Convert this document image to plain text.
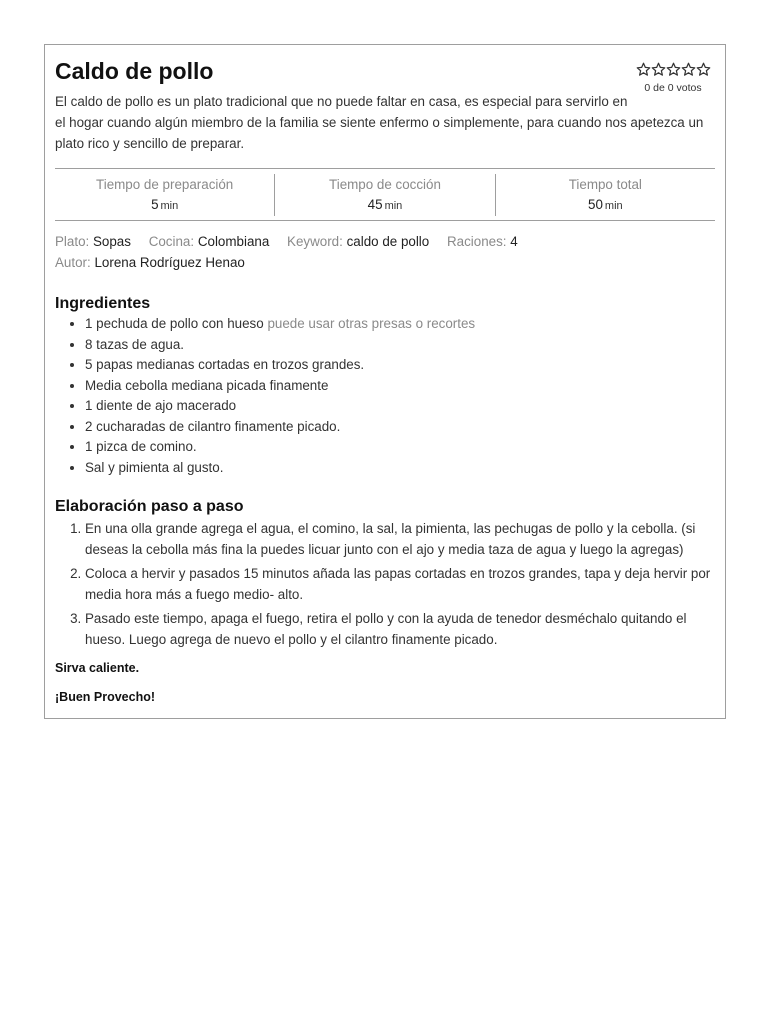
0 de 0 votos
Caldo de pollo

El caldo de pollo es un plato tradicional que no puede faltar en casa, es especial para servirlo en el hogar cuando algún miembro de la familia se siente enfermo o simplemente, para cuando nos apetezca un plato rico y sencillo de preparar.

Tiempo de preparación
5 min
Tiempo de cocción
45 min
Tiempo total
50 min
Plato: Sopas Cocina: Colombiana Keyword: caldo de pollo Raciones: 4
Autor: Lorena Rodríguez Henao
Ingredientes
• 1 pechuda de pollo con hueso puede usar otras presas o recortes
• 8 tazas de agua.
• 5 papas medianas cortadas en trozos grandes.
• Media cebolla mediana picada finamente
• 1 diente de ajo macerado
• 2 cucharadas de cilantro finamente picado.
• 1 pizca de comino.
• Sal y pimienta al gusto.
Elaboración paso a paso
1. En una olla grande agrega el agua, el comino, la sal, la pimienta, las pechugas de pollo y la cebolla. (si deseas la cebolla más fina la puedes licuar junto con el ajo y media taza de agua y luego la agregas)
2. Coloca a hervir y pasados 15 minutos añada las papas cortadas en trozos grandes, tapa y deja hervir por media hora más a fuego medio- alto.
3. Pasado este tiempo, apaga el fuego, retira el pollo y con la ayuda de tenedor desméchalo quitando el hueso. Luego agrega de nuevo el pollo y el cilantro finamente picado.

Sirva caliente.

¡Buen Provecho!
